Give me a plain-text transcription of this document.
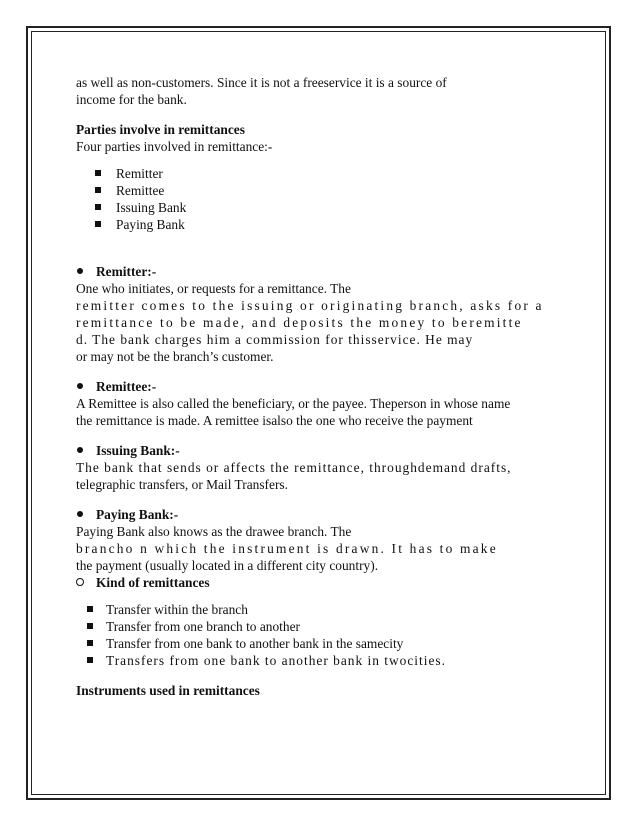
as well as non-customers. Since it is not a freeservice it is a source of

income for the bank.

Parties involve in remittances

Four parties involved in remittance:-

Remitter
Remittee
Issuing Bank
Paying Bank

Remitter:-

One who initiates, or requests for a remittance. The

remitter comes to the issuing or originating branch, asks for a

remittance to be made, and deposits the money to beremitte

d. The bank charges him a commission for thisservice. He may

or may not be the branch’s customer.

Remittee:-

A Remittee is also called the beneficiary, or the payee. Theperson in whose name

the remittance is made. A remittee isalso the one who receive the payment

Issuing Bank:-

The bank that sends or affects the remittance, throughdemand drafts,

telegraphic transfers, or Mail Transfers.

Paying Bank:-

Paying Bank also knows as the drawee branch. The

brancho n which the instrument is drawn. It has to make

the payment (usually located in a different city country).

Kind of remittances

Transfer within the branch
Transfer from one branch to another
Transfer from one bank to another bank in the samecity
Transfers from one bank to another bank in twocities.

Instruments used in remittances
